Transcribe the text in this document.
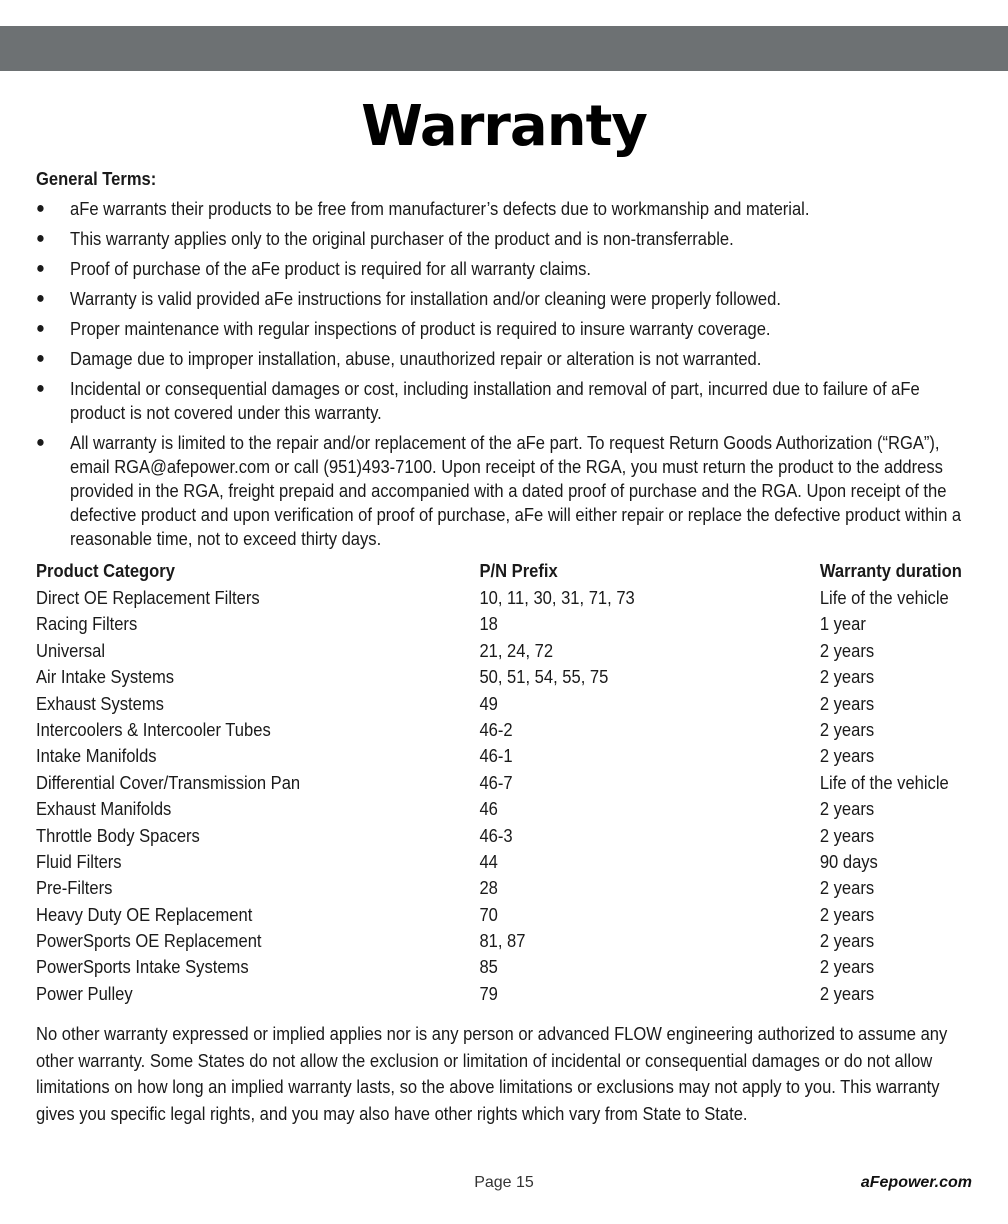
Warranty
General Terms:
● aFe warrants their products to be free from manufacturer’s defects due to workmanship and material.
● This warranty applies only to the original purchaser of the product and is non-transferrable.
● Proof of purchase of the aFe product is required for all warranty claims.
● Warranty is valid provided aFe instructions for installation and/or cleaning were properly followed.
● Proper maintenance with regular inspections of product is required to insure warranty coverage.
● Damage due to improper installation, abuse, unauthorized repair or alteration is not warranted.
● Incidental or consequential damages or cost, including installation and removal of part, incurred due to failure of aFe product is not covered under this warranty.
● All warranty is limited to the repair and/or replacement of the aFe part. To request Return Goods Authorization (“RGA”), email RGA@afepower.com or call (951)493-7100. Upon receipt of the RGA, you must return the product to the address provided in the RGA, freight prepaid and accompanied with a dated proof of purchase and the RGA. Upon receipt of the defective product and upon verification of proof of purchase, aFe will either repair or replace the defective product within a reasonable time, not to exceed thirty days.
Product Category	P/N Prefix	Warranty duration
Direct OE Replacement Filters	10, 11, 30, 31, 71, 73	Life of the vehicle
Racing Filters	18	1 year
Universal	21, 24, 72	2 years
Air Intake Systems	50, 51, 54, 55, 75	2 years
Exhaust Systems	49	2 years
Intercoolers & Intercooler Tubes	46-2	2 years
Intake Manifolds	46-1	2 years
Differential Cover/Transmission Pan	46-7	Life of the vehicle
Exhaust Manifolds	46	2 years
Throttle Body Spacers	46-3	2 years
Fluid Filters	44	90 days
Pre-Filters	28	2 years
Heavy Duty OE Replacement	70	2 years
PowerSports OE Replacement	81, 87	2 years
PowerSports Intake Systems	85	2 years
Power Pulley	79	2 years
No other warranty expressed or implied applies nor is any person or advanced FLOW engineering authorized to assume any other warranty. Some States do not allow the exclusion or limitation of incidental or consequential damages or do not allow limitations on how long an implied warranty lasts, so the above limitations or exclusions may not apply to you. This warranty gives you specific legal rights, and you may also have other rights which vary from State to State.
Page 15	aFepower.com
